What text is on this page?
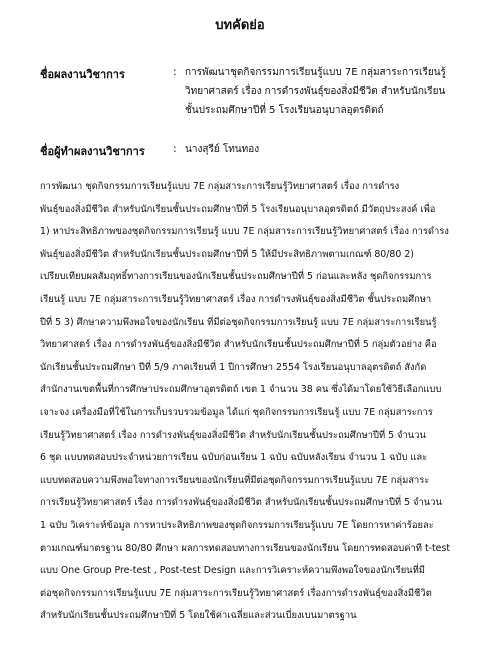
บทคัดย่อ
ชื่อผลงานวิชาการ	: การพัฒนาชุดกิจกรรมการเรียนรู้แบบ 7E กลุ่มสาระการเรียนรู้
วิทยาศาสตร์ เรื่อง การดำรงพันธุ์ของสิ่งมีชีวิต สำหรับนักเรียน
ชั้นประถมศึกษาปีที่ 5 โรงเรียนอนุบาลอุตรดิตถ์
ชื่อผู้ทำผลงานวิชาการ	: นางสุรีย์ โทนทอง
การพัฒนา ชุดกิจกรรมการเรียนรู้แบบ 7E กลุ่มสาระการเรียนรู้วิทยาศาสตร์ เรื่อง การดำรง
พันธุ์ของสิ่งมีชีวิต สำหรับนักเรียนชั้นประถมศึกษาปีที่ 5 โรงเรียนอนุบาลอุตรดิตถ์ มีวัตถุประสงค์ เพื่อ
1) หาประสิทธิภาพของชุดกิจกรรมการเรียนรู้ แบบ 7E กลุ่มสาระการเรียนรู้วิทยาศาสตร์ เรื่อง การดำรง
พันธุ์ของสิ่งมีชีวิต สำหรับนักเรียนชั้นประถมศึกษาปีที่ 5 ให้มีประสิทธิภาพตามเกณฑ์ 80/80 2)
เปรียบเทียบผลสัมฤทธิ์ทางการเรียนของนักเรียนชั้นประถมศึกษาปีที่ 5 ก่อนและหลัง ชุดกิจกรรมการ
เรียนรู้ แบบ 7E กลุ่มสาระการเรียนรู้วิทยาศาสตร์ เรื่อง การดำรงพันธุ์ของสิ่งมีชีวิต ชั้นประถมศึกษา
ปีที่ 5 3) ศึกษาความพึงพอใจของนักเรียน ที่มีต่อชุดกิจกรรมการเรียนรู้ แบบ 7E กลุ่มสาระการเรียนรู้
วิทยาศาสตร์ เรื่อง การดำรงพันธุ์ของสิ่งมีชีวิต สำหรับนักเรียนชั้นประถมศึกษาปีที่ 5 กลุ่มตัวอย่าง คือ
นักเรียนชั้นประถมศึกษา ปีที่ 5/9 ภาคเรียนที่ 1 ปีการศึกษา 2554 โรงเรียนอนุบาลอุตรดิตถ์ สังกัด
สำนักงานเขตพื้นที่การศึกษาประถมศึกษาอุตรดิตถ์ เขต 1 จำนวน 38 คน ซึ่งได้มาโดยใช้วิธีเลือกแบบ
เจาะจง เครื่องมือที่ใช้ในการเก็บรวบรวมข้อมูล ได้แก่ ชุดกิจกรรมการเรียนรู้ แบบ 7E กลุ่มสาระการ
เรียนรู้วิทยาศาสตร์ เรื่อง การดำรงพันธุ์ของสิ่งมีชีวิต สำหรับนักเรียนชั้นประถมศึกษาปีที่ 5 จำนวน
6 ชุด แบบทดสอบประจำหน่วยการเรียน ฉบับก่อนเรียน 1 ฉบับ ฉบับหลังเรียน จำนวน 1 ฉบับ และ
แบบทดสอบความพึงพอใจทางการเรียนของนักเรียนที่มีต่อชุดกิจกรรมการเรียนรู้แบบ 7E กลุ่มสาระ
การเรียนรู้วิทยาศาสตร์ เรื่อง การดำรงพันธุ์ของสิ่งมีชีวิต สำหรับนักเรียนชั้นประถมศึกษาปีที่ 5 จำนวน
1 ฉบับ วิเคราะห์ข้อมูล การหาประสิทธิภาพของชุดกิจกรรมการเรียนรู้แบบ 7E โดยการหาค่าร้อยละ
ตามเกณฑ์มาตรฐาน 80/80 ศึกษา ผลการทดสอบทางการเรียนของนักเรียน โดยการทดสอบค่าที t-test
แบบ One Group Pre-test , Post-test Design และการวิเคราะห์ความพึงพอใจของนักเรียนที่มี
ต่อชุดกิจกรรมการเรียนรู้แบบ 7E กลุ่มสาระการเรียนรู้วิทยาศาสตร์ เรื่องการดำรงพันธุ์ของสิ่งมีชีวิต
สำหรับนักเรียนชั้นประถมศึกษาปีที่ 5 โดยใช้ค่าเฉลี่ยและส่วนเบี่ยงเบนมาตรฐาน
